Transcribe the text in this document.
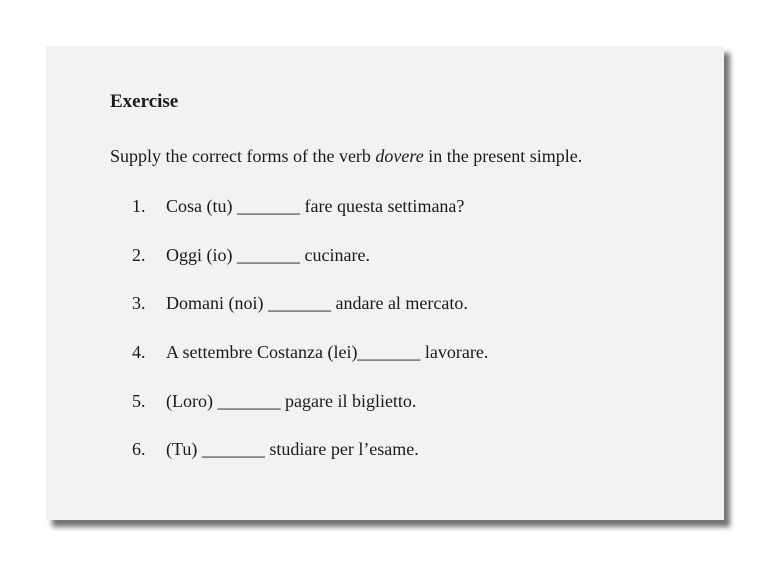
Exercise

Supply the correct forms of the verb dovere in the present simple.

1.	Cosa (tu) _______ fare questa settimana?
2.	Oggi (io) _______ cucinare.
3.	Domani (noi) _______ andare al mercato.
4.	A settembre Costanza (lei)_______ lavorare.
5.	(Loro) _______ pagare il biglietto.
6.	(Tu) _______ studiare per l’esame.
